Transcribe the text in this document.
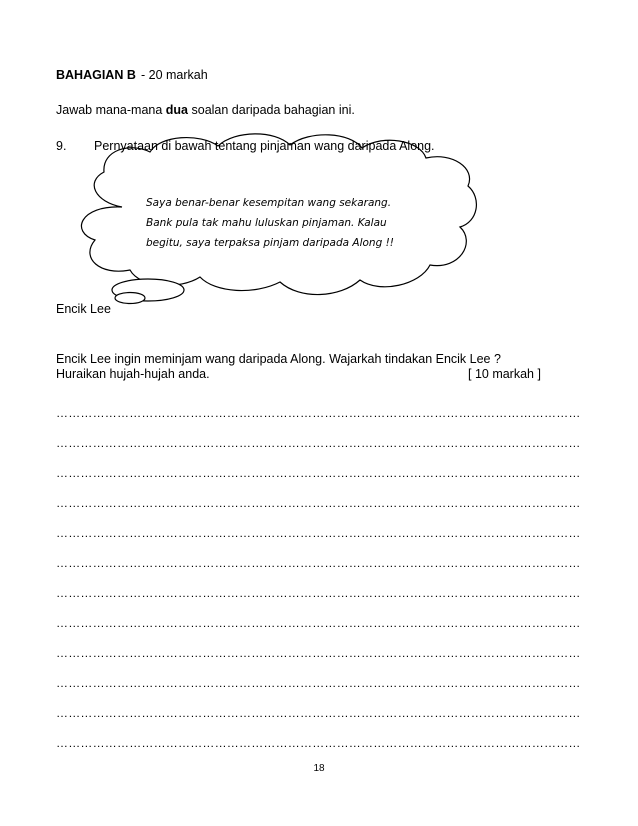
BAHAGIAN B - 20 markah
Jawab mana-mana dua soalan daripada bahagian ini.
9. Pernyataan di bawah tentang pinjaman wang daripada Along.
Saya benar-benar kesempitan wang sekarang.
Bank pula tak mahu luluskan pinjaman. Kalau
begitu, saya terpaksa pinjam daripada Along !!
Encik Lee
Encik Lee ingin meminjam wang daripada Along. Wajarkah tindakan Encik Lee ?
Huraikan hujah-hujah anda.	[ 10 markah ]
…………………………………………………………………………………………………………………
…………………………………………………………………………………………………………………
…………………………………………………………………………………………………………………
…………………………………………………………………………………………………………………
…………………………………………………………………………………………………………………
…………………………………………………………………………………………………………………
…………………………………………………………………………………………………………………
…………………………………………………………………………………………………………………
…………………………………………………………………………………………………………………
…………………………………………………………………………………………………………………
…………………………………………………………………………………………………………………
…………………………………………………………………………………………………………………
18
